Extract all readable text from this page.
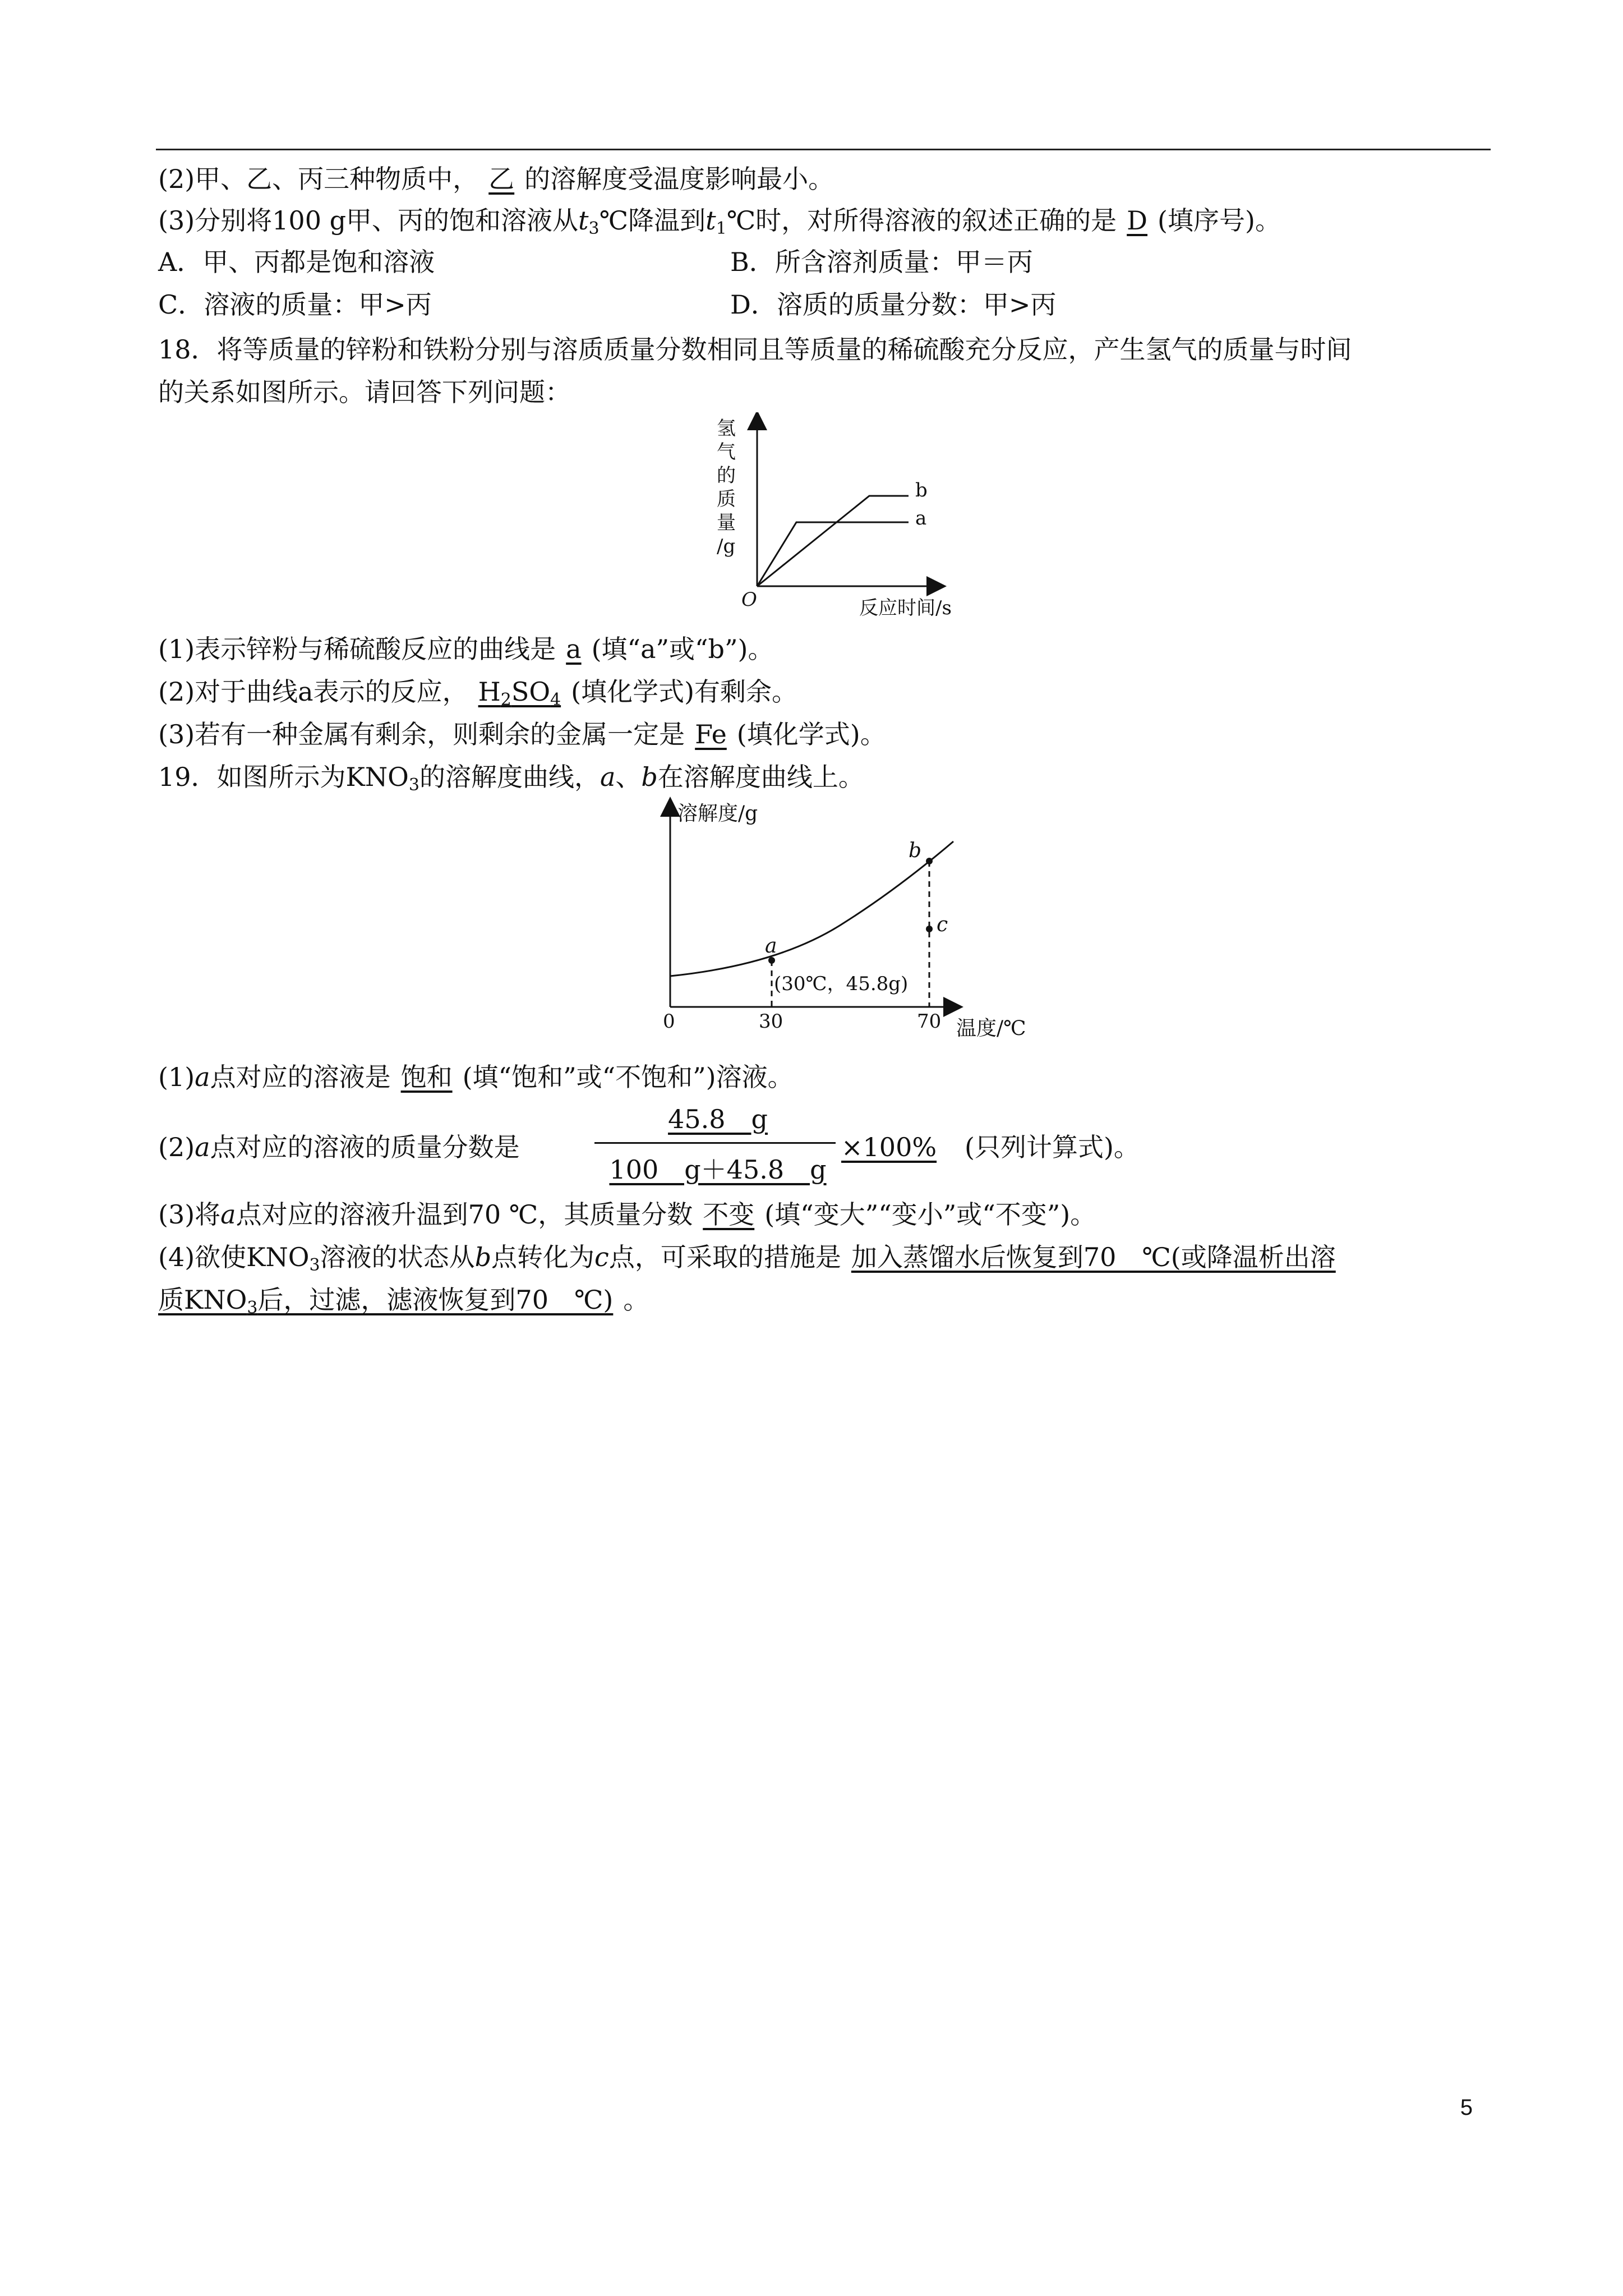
(2)甲、乙、丙三种物质中， 乙 的溶解度受温度影响最小。
(3)分别将100 g甲、丙的饱和溶液从$t_3℃$降温到$t_1℃$时，对所得溶液的叙述正确的是 D (填序号)。
A．甲、丙都是饱和溶液	B．所含溶剂质量：甲＝丙
C．溶液的质量：甲>丙	D．溶质的质量分数：甲>丙
18．将等质量的锌粉和铁粉分别与溶质质量分数相同且等质量的稀硫酸充分反应，产生氢气的质量与时间
的关系如图所示。请回答下列问题：
氢
气
的
质
量
/g
O	反应时间/s
b
a
(1)表示锌粉与稀硫酸反应的曲线是 a (填“a”或“b”)。
(2)对于曲线a表示的反应， $H_2SO_4$ (填化学式)有剩余。
(3)若有一种金属有剩余，则剩余的金属一定是 Fe (填化学式)。
19．如图所示为$KNO_3$的溶解度曲线，a、b在溶解度曲线上。
溶解度/g
温度/℃
0	30	70
a
b
c
(30℃，45.8g)
(1)a点对应的溶液是 饱和 (填“饱和”或“不饱和”)溶液。
(2)a点对应的溶液的质量分数是
45.8　g
100　g＋45.8　g
×100% (只列计算式)。
(3)将a点对应的溶液升温到70 ℃，其质量分数 不变 (填“变大”“变小”或“不变”)。
(4)欲使$KNO_3$溶液的状态从b点转化为c点，可采取的措施是 加入蒸馏水后恢复到70　℃(或降温析出溶
质$KNO_3$后，过滤，滤液恢复到70　℃) 。
5
